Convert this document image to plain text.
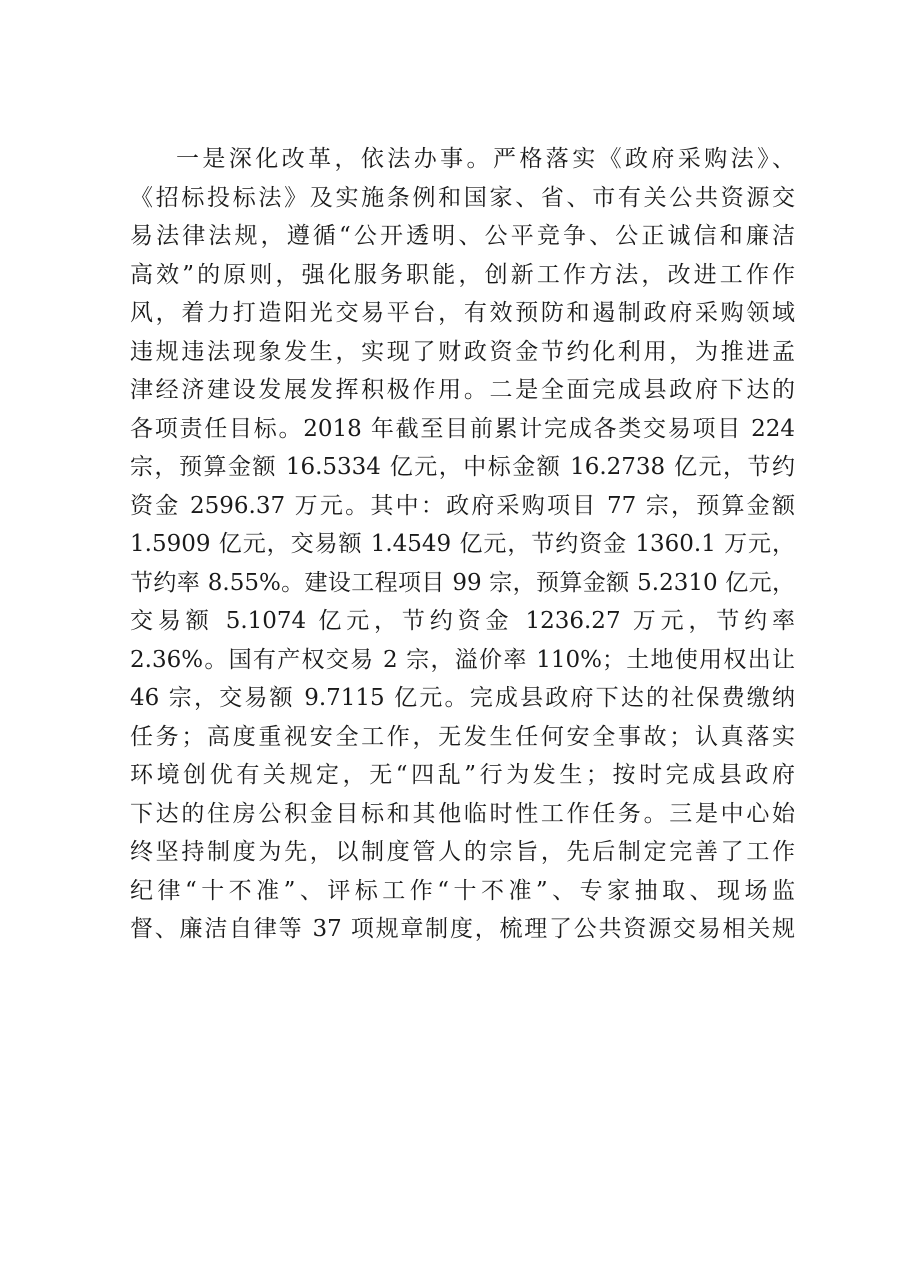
一是深化改革，依法办事。严格落实《政府采购法》、
《招标投标法》及实施条例和国家、省、市有关公共资源交
易法律法规，遵循“公开透明、公平竞争、公正诚信和廉洁
高效”的原则，强化服务职能，创新工作方法，改进工作作
风，着力打造阳光交易平台，有效预防和遏制政府采购领域
违规违法现象发生，实现了财政资金节约化利用，为推进孟
津经济建设发展发挥积极作用。二是全面完成县政府下达的
各项责任目标。2018 年截至目前累计完成各类交易项目 224
宗，预算金额 16.5334 亿元，中标金额 16.2738 亿元，节约
资金 2596.37 万元。其中：政府采购项目 77 宗，预算金额
1.5909 亿元，交易额 1.4549 亿元，节约资金 1360.1 万元，
节约率 8.55%。建设工程项目 99 宗，预算金额 5.2310 亿元，
交易额 5.1074 亿元，节约资金 1236.27 万元，节约率
2.36%。国有产权交易 2 宗，溢价率 110%；土地使用权出让
46 宗，交易额 9.7115 亿元。完成县政府下达的社保费缴纳
任务；高度重视安全工作，无发生任何安全事故；认真落实
环境创优有关规定，无“四乱”行为发生；按时完成县政府
下达的住房公积金目标和其他临时性工作任务。三是中心始
终坚持制度为先，以制度管人的宗旨，先后制定完善了工作
纪律“十不准”、评标工作“十不准”、专家抽取、现场监
督、廉洁自律等 37 项规章制度，梳理了公共资源交易相关规
